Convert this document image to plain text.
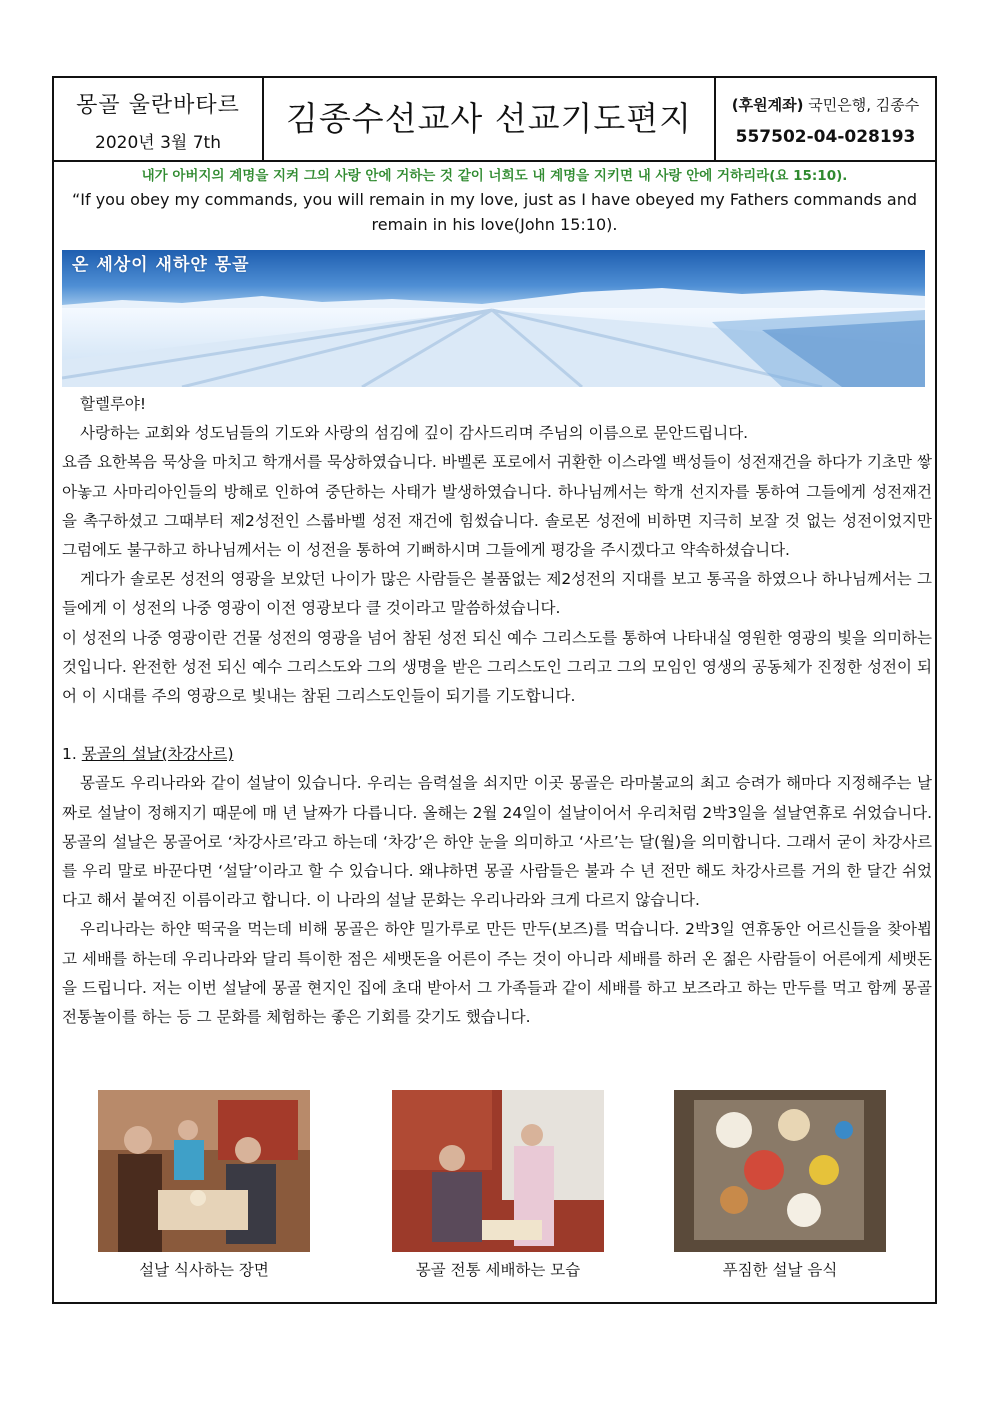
몽골 울란바타르
2020년 3월 7th
김종수선교사 선교기도편지	(후원계좌) 국민은행, 김종수
557502-04-028193
내가 아버지의 계명을 지켜 그의 사랑 안에 거하는 것 같이 너희도 내 계명을 지키면 내 사랑 안에 거하리라(요 15:10).
“If you obey my commands, you will remain in my love, just as I have obeyed my Fathers commands and remain in his love(John 15:10).
온 세상이 새하얀 몽골

할렐루야!

사랑하는 교회와 성도님들의 기도와 사랑의 섬김에 깊이 감사드리며 주님의 이름으로 문안드립니다.

요즘 요한복음 묵상을 마치고 학개서를 묵상하였습니다. 바벨론 포로에서 귀환한 이스라엘 백성들이 성전재건을 하다가 기초만 쌓아놓고 사마리아인들의 방해로 인하여 중단하는 사태가 발생하였습니다. 하나님께서는 학개 선지자를 통하여 그들에게 성전재건을 촉구하셨고 그때부터 제2성전인 스룹바벨 성전 재건에 힘썼습니다. 솔로몬 성전에 비하면 지극히 보잘 것 없는 성전이었지만 그럼에도 불구하고 하나님께서는 이 성전을 통하여 기뻐하시며 그들에게 평강을 주시겠다고 약속하셨습니다.

게다가 솔로몬 성전의 영광을 보았던 나이가 많은 사람들은 볼품없는 제2성전의 지대를 보고 통곡을 하였으나 하나님께서는 그들에게 이 성전의 나중 영광이 이전 영광보다 클 것이라고 말씀하셨습니다.

이 성전의 나중 영광이란 건물 성전의 영광을 넘어 참된 성전 되신 예수 그리스도를 통하여 나타내실 영원한 영광의 빛을 의미하는 것입니다. 완전한 성전 되신 예수 그리스도와 그의 생명을 받은 그리스도인 그리고 그의 모임인 영생의 공동체가 진정한 성전이 되어 이 시대를 주의 영광으로 빛내는 참된 그리스도인들이 되기를 기도합니다.

1. 몽골의 설날(차강사르)

몽골도 우리나라와 같이 설날이 있습니다. 우리는 음력설을 쇠지만 이곳 몽골은 라마불교의 최고 승려가 해마다 지정해주는 날짜로 설날이 정해지기 때문에 매 년 날짜가 다릅니다. 올해는 2월 24일이 설날이어서 우리처럼 2박3일을 설날연휴로 쉬었습니다. 몽골의 설날은 몽골어로 ‘차강사르’라고 하는데 ‘차강’은 하얀 눈을 의미하고 ‘사르’는 달(월)을 의미합니다. 그래서 굳이 차강사르를 우리 말로 바꾼다면 ‘설달’이라고 할 수 있습니다. 왜냐하면 몽골 사람들은 불과 수 년 전만 해도 차강사르를 거의 한 달간 쉬었다고 해서 붙여진 이름이라고 합니다. 이 나라의 설날 문화는 우리나라와 크게 다르지 않습니다.

우리나라는 하얀 떡국을 먹는데 비해 몽골은 하얀 밀가루로 만든 만두(보즈)를 먹습니다. 2박3일 연휴동안 어르신들을 찾아뵙고 세배를 하는데 우리나라와 달리 특이한 점은 세뱃돈을 어른이 주는 것이 아니라 세배를 하러 온 젊은 사람들이 어른에게 세뱃돈을 드립니다. 저는 이번 설날에 몽골 현지인 집에 초대 받아서 그 가족들과 같이 세배를 하고 보즈라고 하는 만두를 먹고 함께 몽골 전통놀이를 하는 등 그 문화를 체험하는 좋은 기회를 갖기도 했습니다.

설날 식사하는 장면	몽골 전통 세배하는 모습	푸짐한 설날 음식
